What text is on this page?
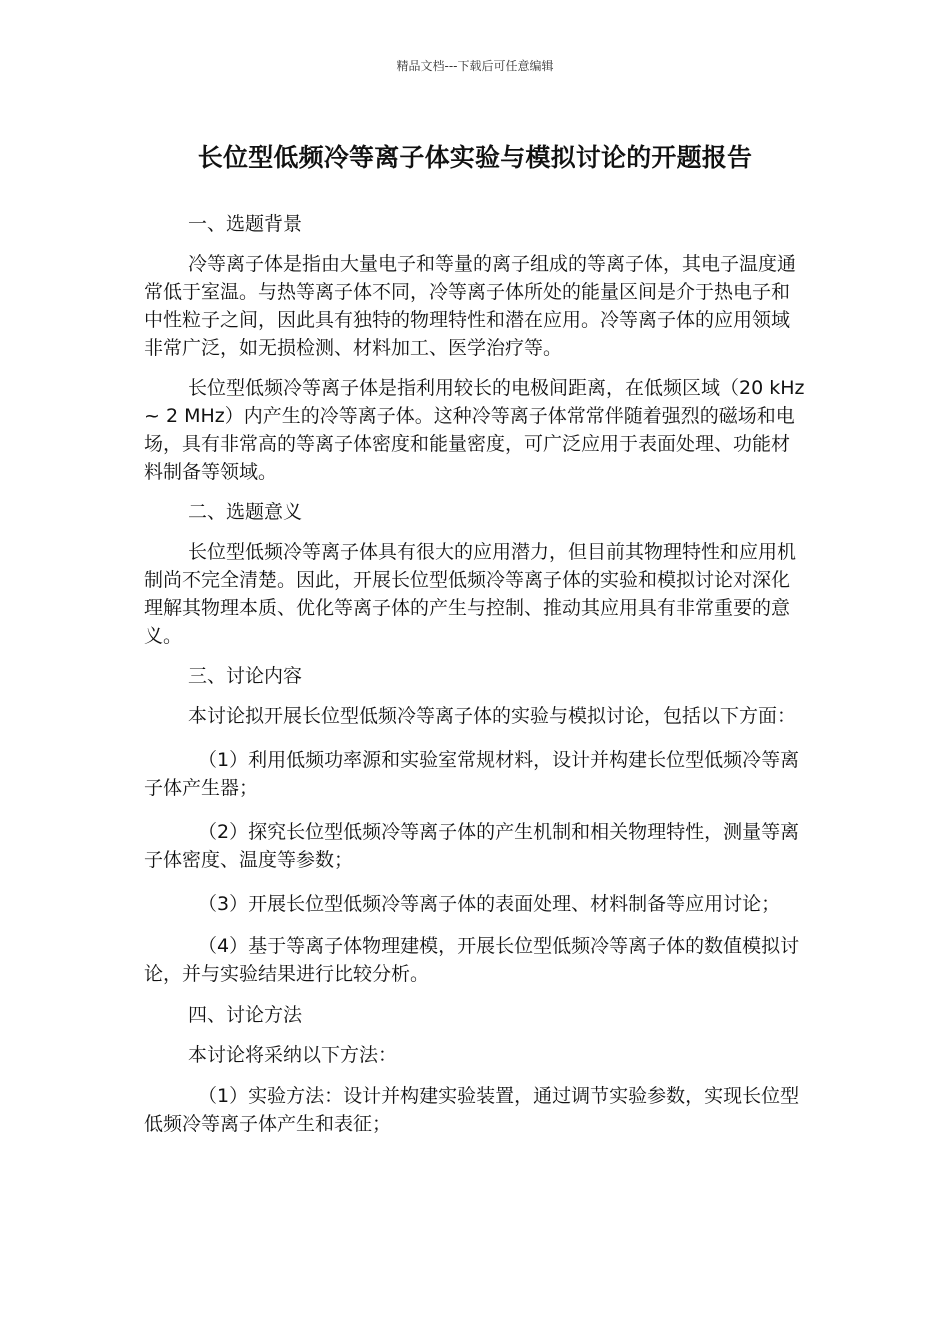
精品文档---下载后可任意编辑
长位型低频冷等离子体实验与模拟讨论的开题报告

一、选题背景

冷等离子体是指由大量电子和等量的离子组成的等离子体，其电子温度通常低于室温。与热等离子体不同，冷等离子体所处的能量区间是介于热电子和中性粒子之间，因此具有独特的物理特性和潜在应用。冷等离子体的应用领域非常广泛，如无损检测、材料加工、医学治疗等。

长位型低频冷等离子体是指利用较长的电极间距离，在低频区域（20 kHz ~ 2 MHz）内产生的冷等离子体。这种冷等离子体常常伴随着强烈的磁场和电场，具有非常高的等离子体密度和能量密度，可广泛应用于表面处理、功能材料制备等领域。

二、选题意义

长位型低频冷等离子体具有很大的应用潜力，但目前其物理特性和应用机制尚不完全清楚。因此，开展长位型低频冷等离子体的实验和模拟讨论对深化理解其物理本质、优化等离子体的产生与控制、推动其应用具有非常重要的意义。

三、讨论内容

本讨论拟开展长位型低频冷等离子体的实验与模拟讨论，包括以下方面：

（1）利用低频功率源和实验室常规材料，设计并构建长位型低频冷等离子体产生器；

（2）探究长位型低频冷等离子体的产生机制和相关物理特性，测量等离子体密度、温度等参数；

（3）开展长位型低频冷等离子体的表面处理、材料制备等应用讨论；

（4）基于等离子体物理建模，开展长位型低频冷等离子体的数值模拟讨论，并与实验结果进行比较分析。

四、讨论方法

本讨论将采纳以下方法：

（1）实验方法：设计并构建实验装置，通过调节实验参数，实现长位型低频冷等离子体产生和表征；
